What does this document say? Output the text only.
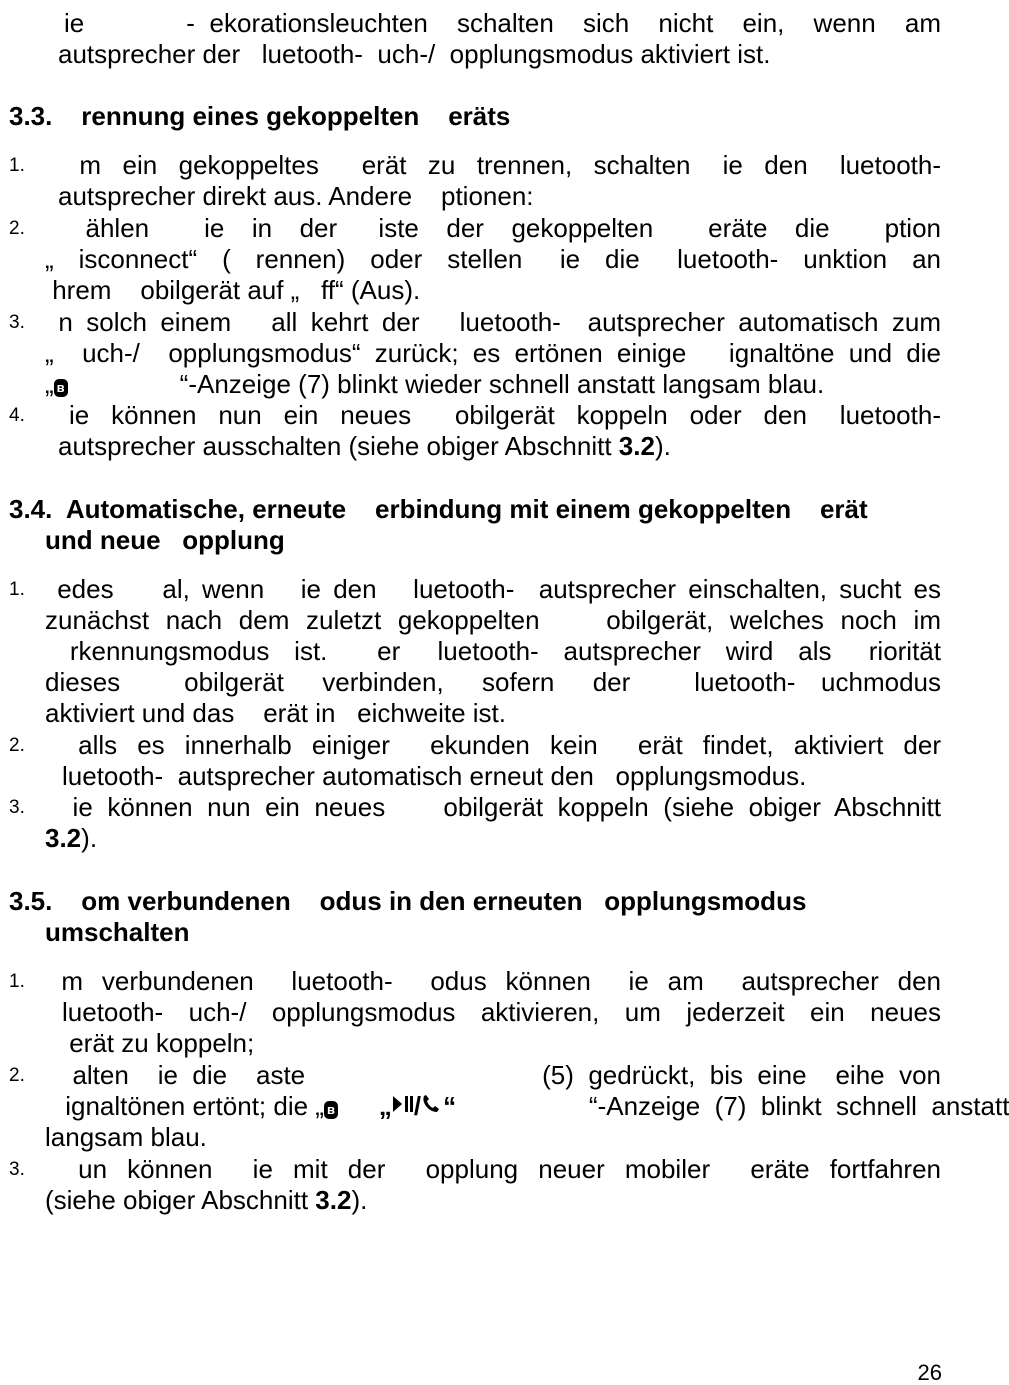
ie       - ekorationsleuchten  schalten  sich  nicht  ein,  wenn  am
autsprecher der   luetooth-  uch-/  opplungsmodus aktiviert ist.
3.3.    rennung eines gekoppelten    eräts
1. m  ein  gekoppeltes    erät  zu  trennen,  schalten   ie  den   luetooth-
autsprecher direkt aus. Andere    ptionen:
2. ählen    ie  in  der   iste  der  gekoppelten    eräte  die    ption
„  isconnect“  (  rennen)  oder  stellen   ie  die   luetooth-  unktion  an
hrem    obilgerät auf „   ff“ (Aus).
3. n solch einem   all kehrt der   luetooth-  autsprecher automatisch zum
„  uch-/  opplungsmodus“ zurück; es ertönen einige   ignaltöne und die
„ ʙ	“-Anzeige (7) blinkt wieder schnell anstatt langsam blau.
4. ie  können  nun  ein  neues    obilgerät  koppeln  oder  den   luetooth-
autsprecher ausschalten (siehe obiger Abschnitt 3.2).
3.4.  Automatische, erneute    erbindung mit einem gekoppelten    erät
und neue   opplung
1. edes    al, wenn   ie den   luetooth-  autsprecher einschalten, sucht es
zunächst nach dem zuletzt gekoppelten    obilgerät, welches noch im
rkennungsmodus  ist.    er   luetooth-  autsprecher  wird  als   riorität
dieses     obilgerät   verbinden,   sofern   der     luetooth-  uchmodus
aktiviert und das    erät in   eichweite ist.
2. alls  es  innerhalb  einiger    ekunden  kein    erät  findet,  aktiviert  der
luetooth-  autsprecher automatisch erneut den   opplungsmodus.
3. ie können nun ein neues    obilgerät koppeln (siehe obiger Abschnitt
3.2).
3.5.    om verbundenen    odus in den erneuten   opplungsmodus
umschalten
1. m  verbundenen    luetooth-    odus  können    ie  am    autsprecher  den
luetooth-  uch-/  opplungsmodus  aktivieren,  um  jederzeit  ein  neues
erät zu koppeln;
2. alten    ie  die    aste

„ / “

(5)  gedrückt,  bis  eine    eihe  von
ignaltönen ertönt; die „ ʙ	“-Anzeige  (7)  blinkt  schnell  anstatt
langsam blau.
3. un  können    ie  mit  der    opplung  neuer  mobiler    eräte  fortfahren
(siehe obiger Abschnitt 3.2).
26
